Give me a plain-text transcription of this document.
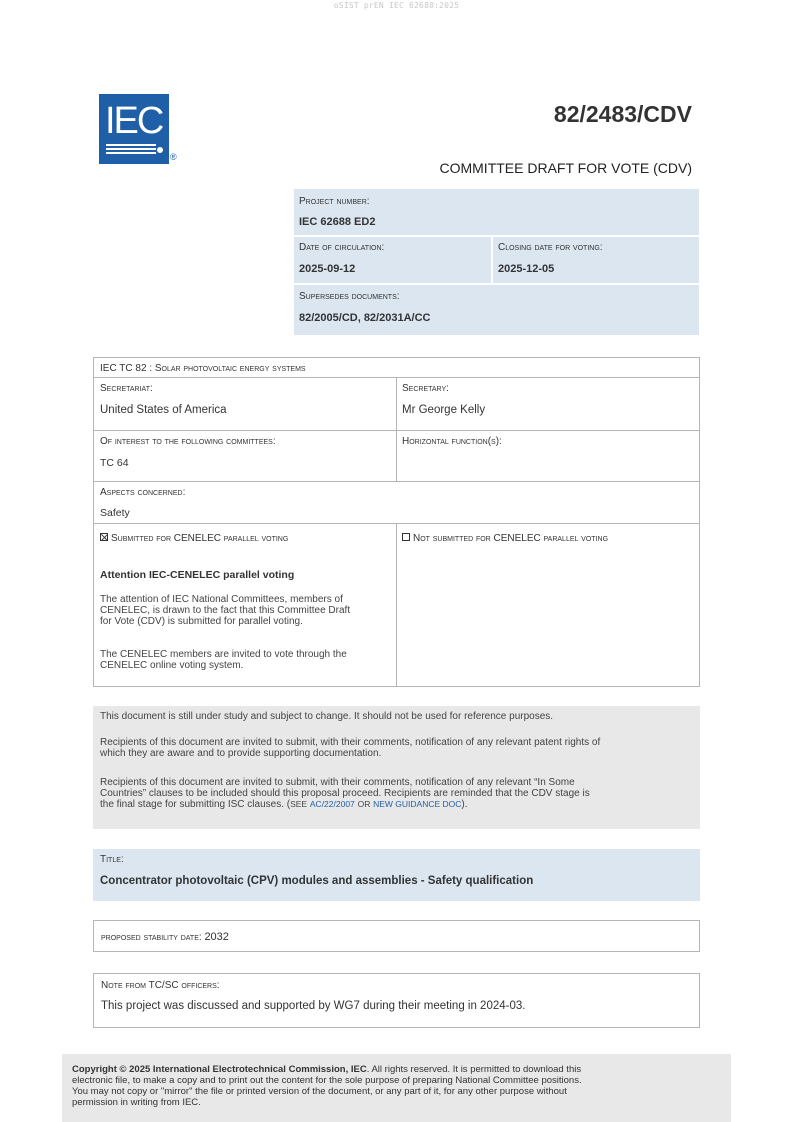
oSIST prEN IEC 62688:2025
IEC
®
82/2483/CDV
COMMITTEE DRAFT FOR VOTE (CDV)
Project number:
IEC 62688 ED2
Date of circulation:
2025-09-12
Closing date for voting:
2025-12-05
Supersedes documents:
82/2005/CD, 82/2031A/CC
IEC TC 82 : Solar photovoltaic energy systems
Secretariat:
United States of America
Secretary:
Mr George Kelly
Of interest to the following committees:
TC 64
Horizontal function(s):
Aspects concerned:
Safety
Submitted for CENELEC parallel voting	Not submitted for CENELEC parallel voting
Attention IEC-CENELEC parallel voting
The attention of IEC National Committees, members of
CENELEC, is drawn to the fact that this Committee Draft
for Vote (CDV) is submitted for parallel voting.
The CENELEC members are invited to vote through the
CENELEC online voting system.
This document is still under study and subject to change. It should not be used for reference purposes.
Recipients of this document are invited to submit, with their comments, notification of any relevant patent rights of
which they are aware and to provide supporting documentation.
Recipients of this document are invited to submit, with their comments, notification of any relevant “In Some
Countries” clauses to be included should this proposal proceed. Recipients are reminded that the CDV stage is
the final stage for submitting ISC clauses. (SEE AC/22/2007 OR NEW GUIDANCE DOC).
Title:
Concentrator photovoltaic (CPV) modules and assemblies - Safety qualification
proposed stability date: 2032
Note from TC/SC officers:
This project was discussed and supported by WG7 during their meeting in 2024-03.
Copyright © 2025 International Electrotechnical Commission, IEC. All rights reserved. It is permitted to download this
electronic file, to make a copy and to print out the content for the sole purpose of preparing National Committee positions.
You may not copy or "mirror" the file or printed version of the document, or any part of it, for any other purpose without
permission in writing from IEC.
